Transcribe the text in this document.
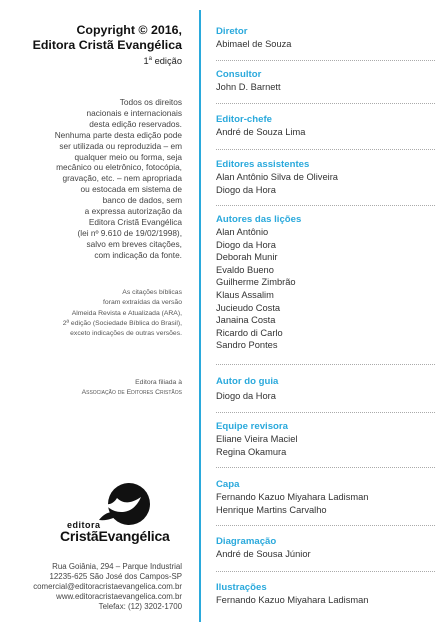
Copyright © 2016,
Editora Cristã Evangélica
1$^a$ edição
Todos os direitos
nacionais e internacionais
desta edição reservados.
Nenhuma parte desta edição pode
ser utilizada ou reproduzida – em
qualquer meio ou forma, seja
mecânico ou eletrônico, fotocópia,
gravação, etc. – nem apropriada
ou estocada em sistema de
banco de dados, sem
a expressa autorização da
Editora Cristã Evangélica
(lei nº 9.610 de 19/02/1998),
salvo em breves citações,
com indicação da fonte.
As citações bíblicas
foram extraídas da versão
Almeida Revista e Atualizada (ARA),
2ª edição (Sociedade Bíblica do Brasil),
exceto indicações de outras versões.
Editora filiada à
Associação de Editores Cristãos
editora
CristãEvangélica
Rua Goiânia, 294 – Parque Industrial
12235-625 São José dos Campos-SP
comercial@editoracristaevangelica.com.br
www.editoracristaevangelica.com.br
Telefax: (12) 3202-1700
Diretor
Abimael de Souza
Consultor
John D. Barnett
Editor-chefe
André de Souza Lima
Editores assistentes
Alan Antônio Silva de Oliveira
Diogo da Hora
Autores das lições
Alan Antônio
Diogo da Hora
Deborah Munir
Evaldo Bueno
Guilherme Zimbrão
Klaus Assalim
Jucieudo Costa
Janaina Costa
Ricardo di Carlo
Sandro Pontes
Autor do guia
Diogo da Hora
Equipe revisora
Eliane Vieira Maciel
Regina Okamura
Capa
Fernando Kazuo Miyahara Ladisman
Henrique Martins Carvalho
Diagramação
André de Sousa Júnior
Ilustrações
Fernando Kazuo Miyahara Ladisman
